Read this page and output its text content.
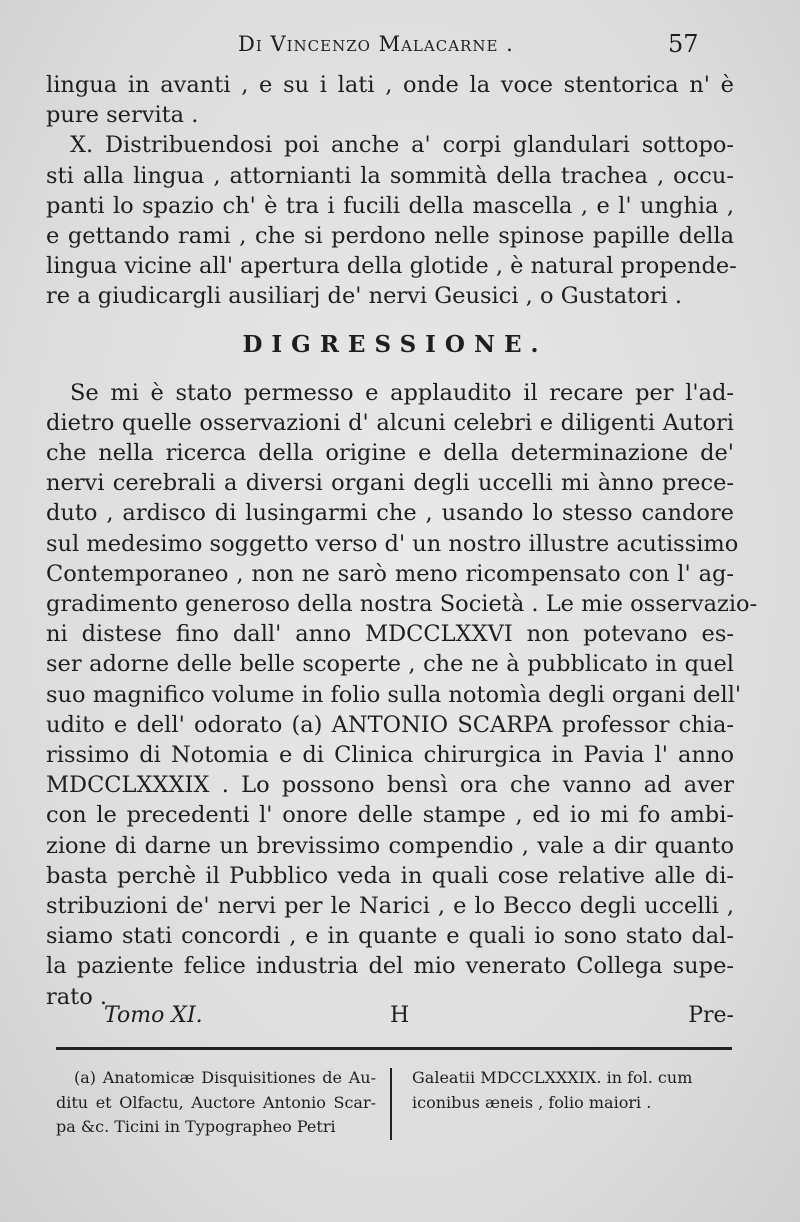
Di Vincenzo Malacarne .	57
lingua in avanti , e su i lati , onde la voce stentorica n' è
pure servita .
X. Distribuendosi poi anche a' corpi glandulari sottopo-
sti alla lingua , attornianti la sommità della trachea , occu-
panti lo spazio ch' è tra i fucili della mascella , e l' unghia ,
e gettando rami , che si perdono nelle spinose papille della
lingua vicine all' apertura della glotide , è natural propende-
re a giudicargli ausiliarj de' nervi Geusici , o Gustatori .
DIGRESSIONE.
Se mi è stato permesso e applaudito il recare per l'ad-
dietro quelle osservazioni d' alcuni celebri e diligenti Autori
che nella ricerca della origine e della determinazione de'
nervi cerebrali a diversi organi degli uccelli mi ànno prece-
duto , ardisco di lusingarmi che , usando lo stesso candore
sul medesimo soggetto verso d' un nostro illustre acutissimo
Contemporaneo , non ne sarò meno ricompensato con l' ag-
gradimento generoso della nostra Società . Le mie osservazio-
ni distese fino dall' anno MDCCLXXVI non potevano es-
ser adorne delle belle scoperte , che ne à pubblicato in quel
suo magnifico volume in folio sulla notomìa degli organi dell'
udito e dell' odorato (a) ANTONIO SCARPA professor chia-
rissimo di Notomia e di Clinica chirurgica in Pavia l' anno
MDCCLXXXIX . Lo possono bensì ora che vanno ad aver
con le precedenti l' onore delle stampe , ed io mi fo ambi-
zione di darne un brevissimo compendio , vale a dir quanto
basta perchè il Pubblico veda in quali cose relative alle di-
stribuzioni de' nervi per le Narici , e lo Becco degli uccelli ,
siamo stati concordi , e in quante e quali io sono stato dal-
la paziente felice industria del mio venerato Collega supe-
rato .
Tomo XI.	H	Pre-
(a) Anatomicæ Disquisitiones de Au-
ditu et Olfactu, Auctore Antonio Scar-
pa &c. Ticini in Typographeo Petri
Galeatii MDCCLXXXIX. in fol. cum
iconibus æneis , folio maiori .
